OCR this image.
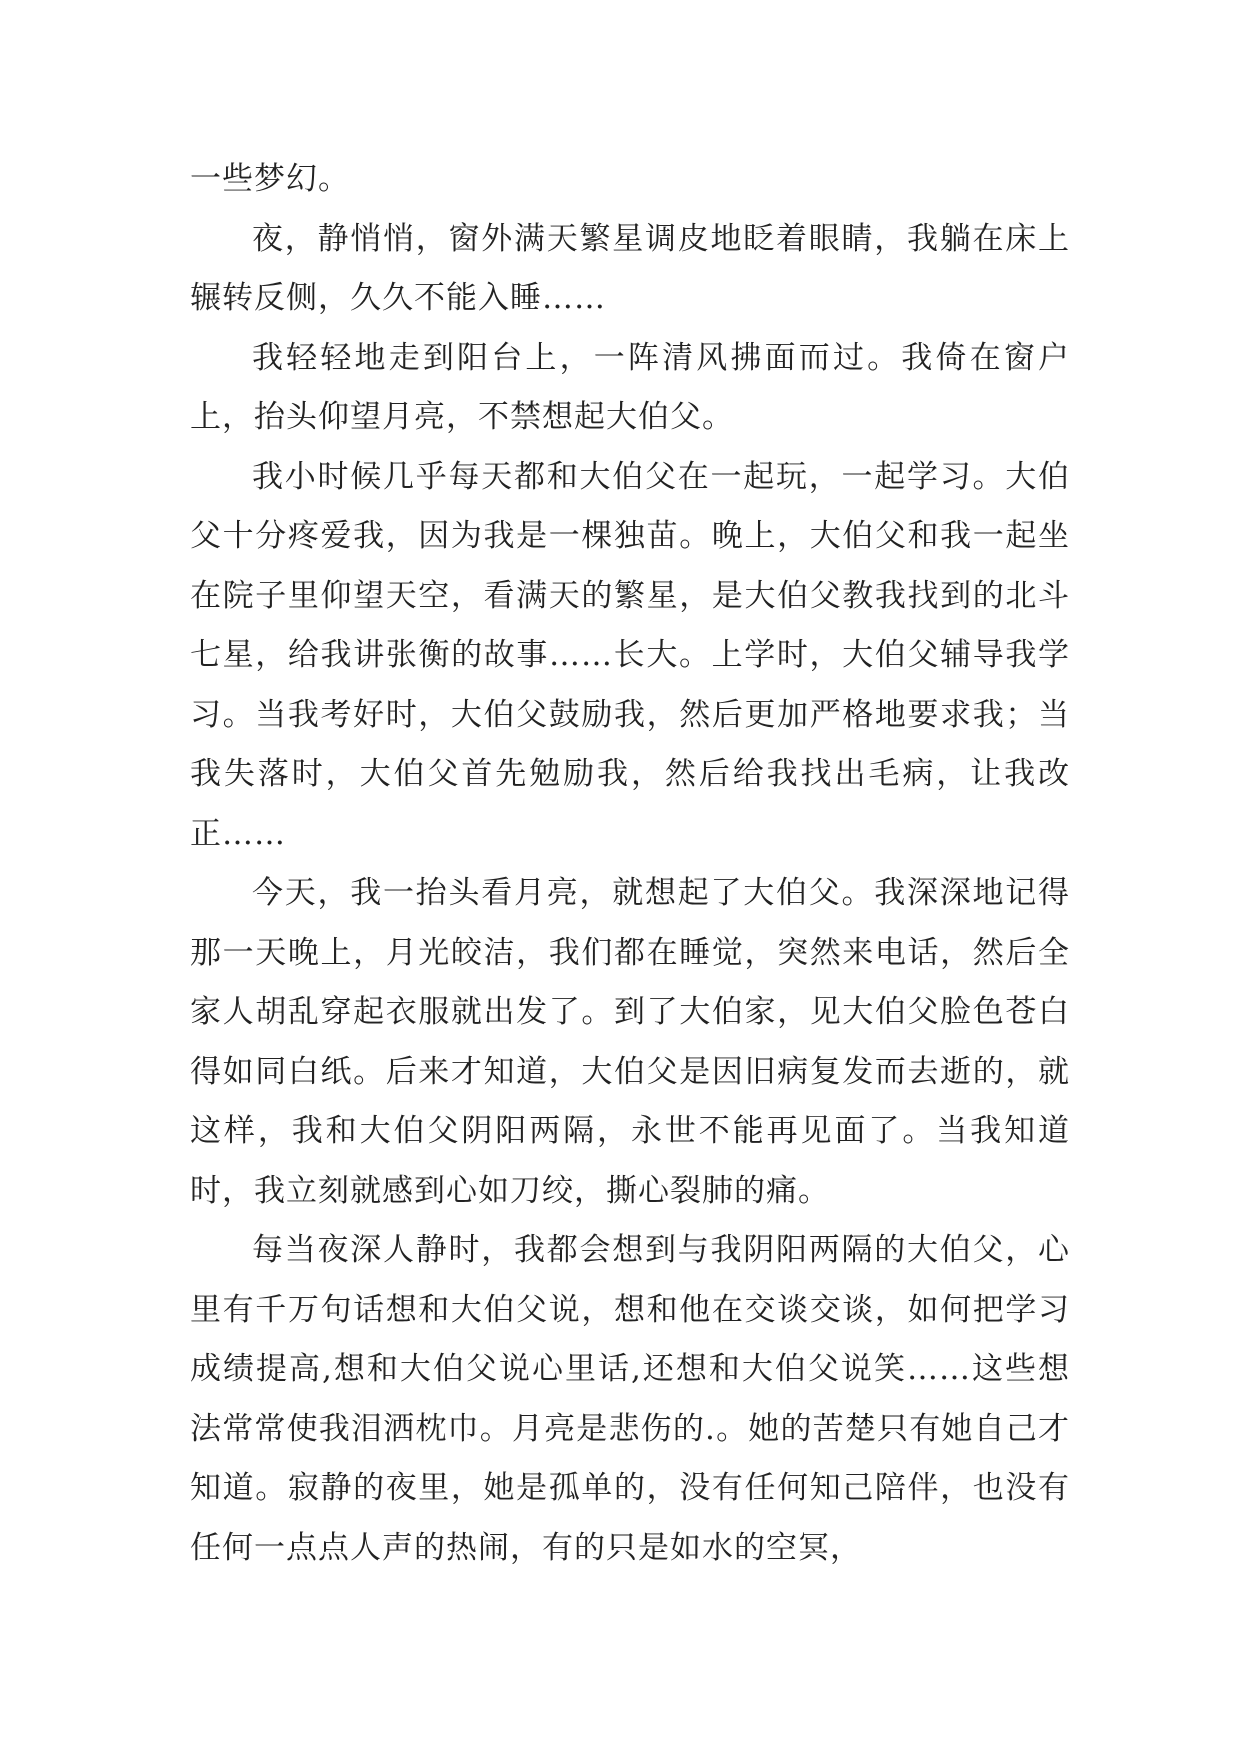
一些梦幻。

夜，静悄悄，窗外满天繁星调皮地眨着眼睛，我躺在床上辗转反侧，久久不能入睡……

我轻轻地走到阳台上，一阵清风拂面而过。我倚在窗户上，抬头仰望月亮，不禁想起大伯父。

我小时候几乎每天都和大伯父在一起玩，一起学习。大伯父十分疼爱我，因为我是一棵独苗。晚上，大伯父和我一起坐在院子里仰望天空，看满天的繁星，是大伯父教我找到的北斗七星，给我讲张衡的故事……长大。上学时，大伯父辅导我学习。当我考好时，大伯父鼓励我，然后更加严格地要求我；当我失落时，大伯父首先勉励我，然后给我找出毛病，让我改正……

今天，我一抬头看月亮，就想起了大伯父。我深深地记得那一天晚上，月光皎洁，我们都在睡觉，突然来电话，然后全家人胡乱穿起衣服就出发了。到了大伯家，见大伯父脸色苍白得如同白纸。后来才知道，大伯父是因旧病复发而去逝的，就这样，我和大伯父阴阳两隔，永世不能再见面了。当我知道时，我立刻就感到心如刀绞，撕心裂肺的痛。

每当夜深人静时，我都会想到与我阴阳两隔的大伯父，心里有千万句话想和大伯父说，想和他在交谈交谈，如何把学习成绩提高,想和大伯父说心里话,还想和大伯父说笑……这些想法常常使我泪洒枕巾。月亮是悲伤的.。她的苦楚只有她自己才知道。寂静的夜里，她是孤单的，没有任何知己陪伴，也没有任何一点点人声的热闹，有的只是如水的空冥，
